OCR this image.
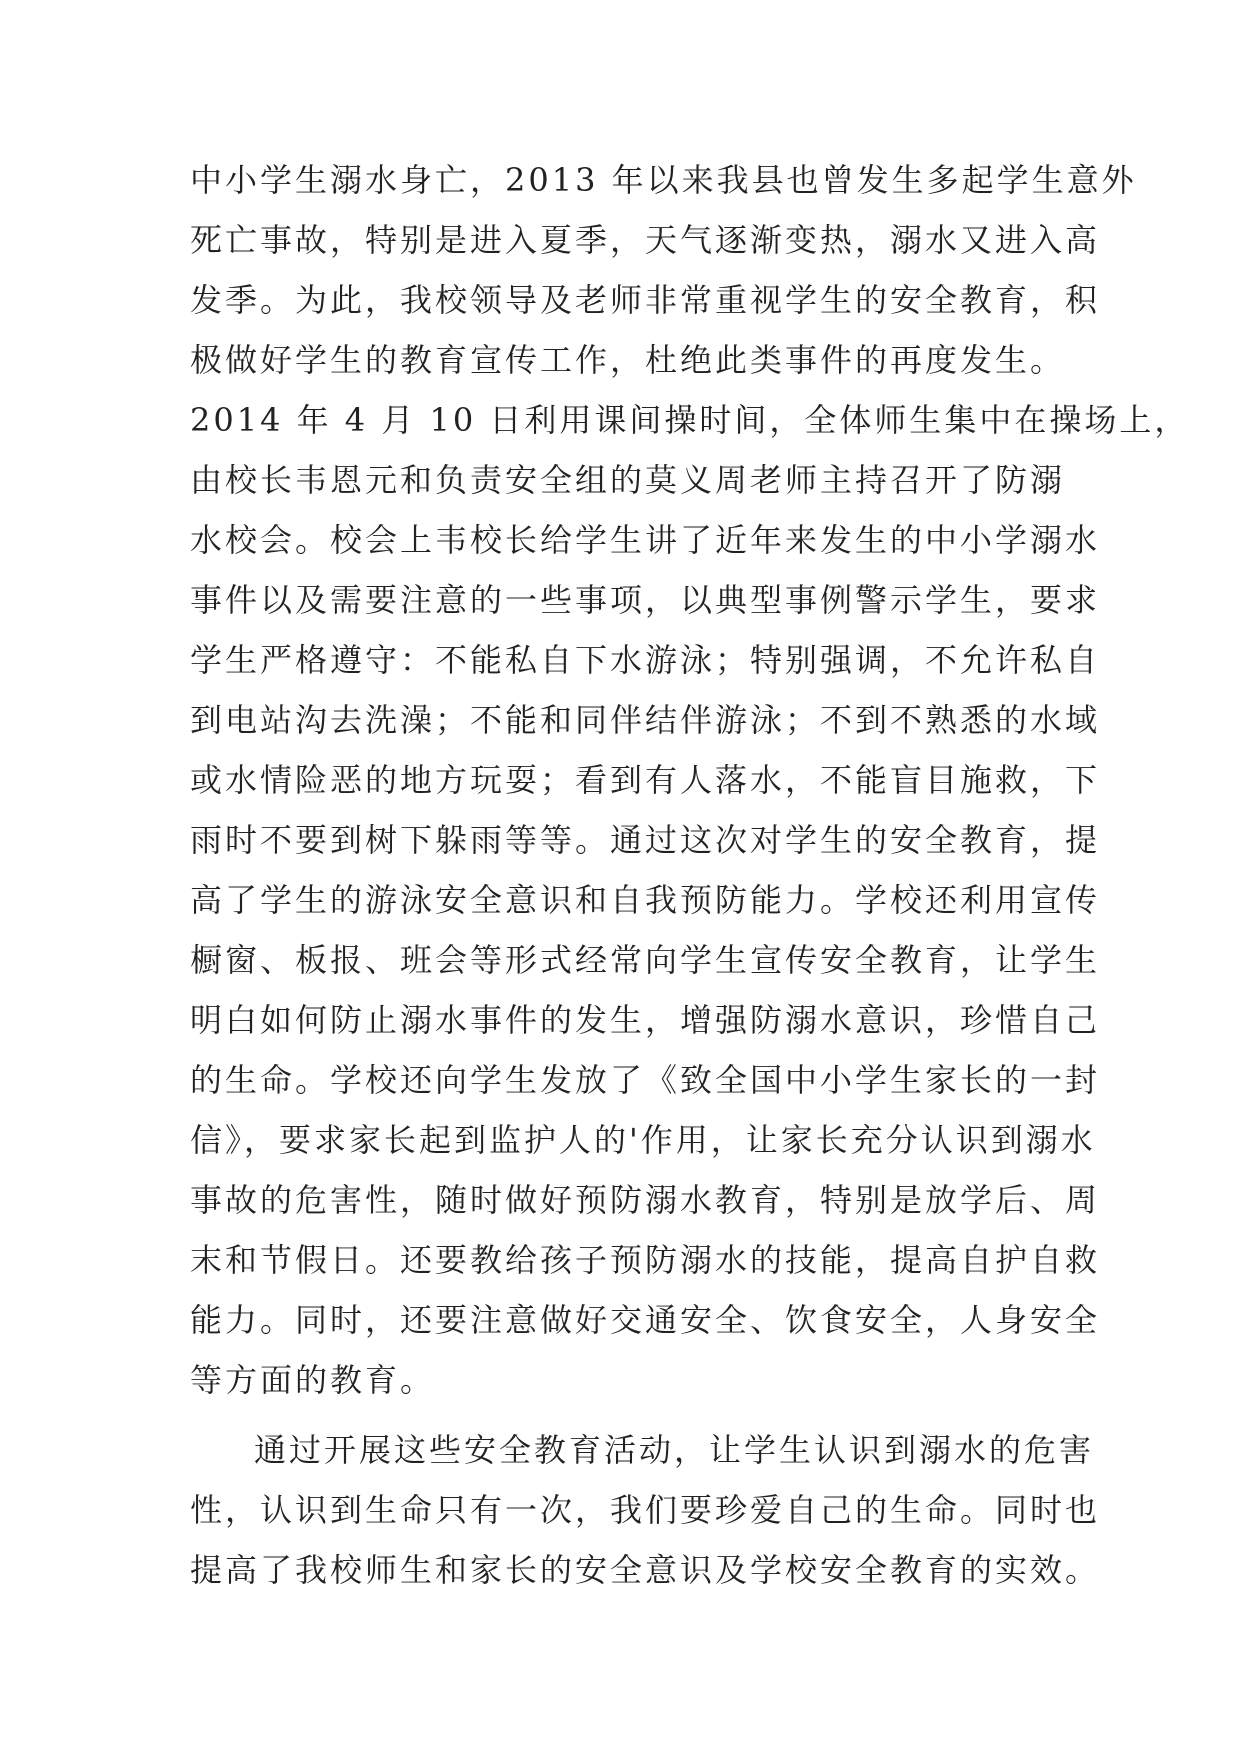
中小学生溺水身亡，2013 年以来我县也曾发生多起学生意外
死亡事故，特别是进入夏季，天气逐渐变热，溺水又进入高
发季。为此，我校领导及老师非常重视学生的安全教育，积
极做好学生的教育宣传工作，杜绝此类事件的再度发生。
2014 年 4 月 10 日利用课间操时间，全体师生集中在操场上，
由校长韦恩元和负责安全组的莫义周老师主持召开了防溺
水校会。校会上韦校长给学生讲了近年来发生的中小学溺水
事件以及需要注意的一些事项，以典型事例警示学生，要求
学生严格遵守：不能私自下水游泳；特别强调，不允许私自
到电站沟去洗澡；不能和同伴结伴游泳；不到不熟悉的水域
或水情险恶的地方玩耍；看到有人落水，不能盲目施救，下
雨时不要到树下躲雨等等。通过这次对学生的安全教育，提
高了学生的游泳安全意识和自我预防能力。学校还利用宣传
橱窗、板报、班会等形式经常向学生宣传安全教育，让学生
明白如何防止溺水事件的发生，增强防溺水意识，珍惜自己
的生命。学校还向学生发放了《致全国中小学生家长的一封
信》，要求家长起到监护人的'作用，让家长充分认识到溺水
事故的危害性，随时做好预防溺水教育，特别是放学后、周
末和节假日。还要教给孩子预防溺水的技能，提高自护自救
能力。同时，还要注意做好交通安全、饮食安全，人身安全
等方面的教育。
通过开展这些安全教育活动，让学生认识到溺水的危害
性，认识到生命只有一次，我们要珍爱自己的生命。同时也
提高了我校师生和家长的安全意识及学校安全教育的实效。
